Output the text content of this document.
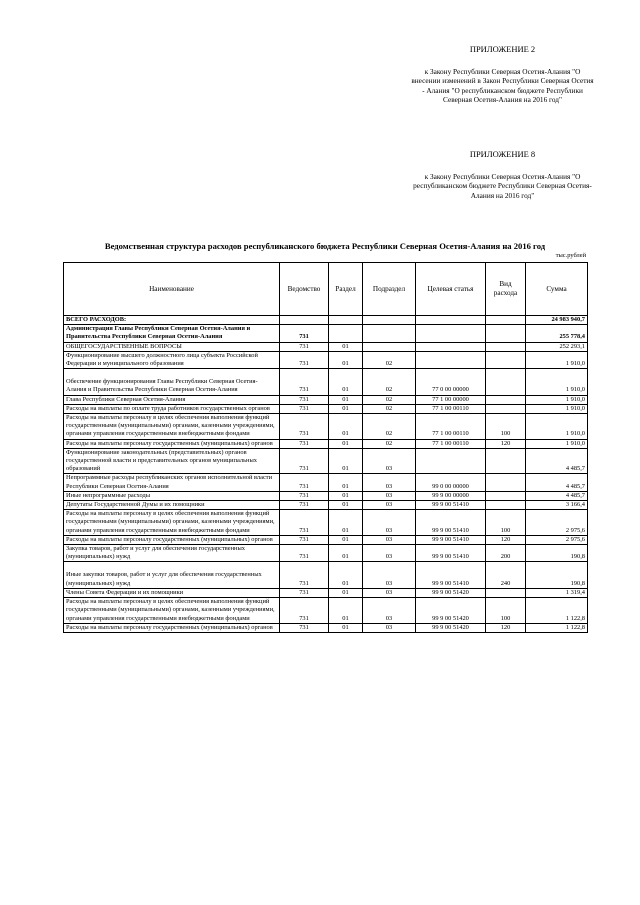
ПРИЛОЖЕНИЕ 2
к Закону Республики Северная Осетия-Алания "О внесении изменений в Закон Республики Северная Осетия - Алания "О республиканском бюджете Республики Северная Осетия-Алания на 2016 год"
ПРИЛОЖЕНИЕ 8
к Закону Республики Северная Осетия-Алания "О республиканском бюджете Республики Северная Осетия-Алания на 2016 год"
Ведомственная структура расходов республиканского бюджета Республики Северная Осетия-Алания на 2016 год
тыс.рублей
Наименование	Ведомство	Раздел	Подраздел	Целевая статья	Вид расхода	Сумма
ВСЕГО РАСХОДОВ:						24 983 940,7
Администрация Главы Республики Северная Осетия-Алания и Правительства Республики Северная Осетия-Алания	731					255 778,4
ОБЩЕГОСУДАРСТВЕННЫЕ ВОПРОСЫ	731	01				252 293,1
Функционирование высшего должностного лица субъекта Российской Федерации и муниципального образования	731	01	02			1 910,0
Обеспечение функционирования Главы Республики Северная Осетия-Алания и Правительства Республики Северная Осетия-Алания	731	01	02	77 0 00 00000		1 910,0
Глава Республики Северная Осетия-Алания	731	01	02	77 1 00 00000		1 910,0
Расходы на выплаты по оплате труда работников государственных органов	731	01	02	77 1 00 00110		1 910,0
Расходы на выплаты персоналу в целях обеспечения выполнения функций государственными (муниципальными) органами, казенными учреждениями, органами управления государственными внебюджетными фондами	731	01	02	77 1 00 00110	100	1 910,0
Расходы на выплаты персоналу государственных (муниципальных) органов	731	01	02	77 1 00 00110	120	1 910,0
Функционирование законодательных (представительных) органов государственной власти и представительных органов муниципальных образований	731	01	03			4 485,7
Непрограммные расходы республиканских органов исполнительной власти Республики Северная Осетия-Алания	731	01	03	99 0 00 00000		4 485,7
Иные непрограммные расходы	731	01	03	99 9 00 00000		4 485,7
Депутаты Государственной Думы и их помощники	731	01	03	99 9 00 51410		3 166,4
Расходы на выплаты персоналу в целях обеспечения выполнения функций государственными (муниципальными) органами, казенными учреждениями, органами управления государственными внебюджетными фондами	731	01	03	99 9 00 51410	100	2 975,6
Расходы на выплаты персоналу государственных (муниципальных) органов	731	01	03	99 9 00 51410	120	2 975,6
Закупка товаров, работ и услуг для обеспечения государственных (муниципальных) нужд	731	01	03	99 9 00 51410	200	190,8
Иные закупки товаров, работ и услуг для обеспечения государственных (муниципальных) нужд	731	01	03	99 9 00 51410	240	190,8
Члены Совета Федерации и их помощники	731	01	03	99 9 00 51420		1 319,4
Расходы на выплаты персоналу в целях обеспечения выполнения функций государственными (муниципальными) органами, казенными учреждениями, органами управления государственными внебюджетными фондами	731	01	03	99 9 00 51420	100	1 122,8
Расходы на выплаты персоналу государственных (муниципальных) органов	731	01	03	99 9 00 51420	120	1 122,8
